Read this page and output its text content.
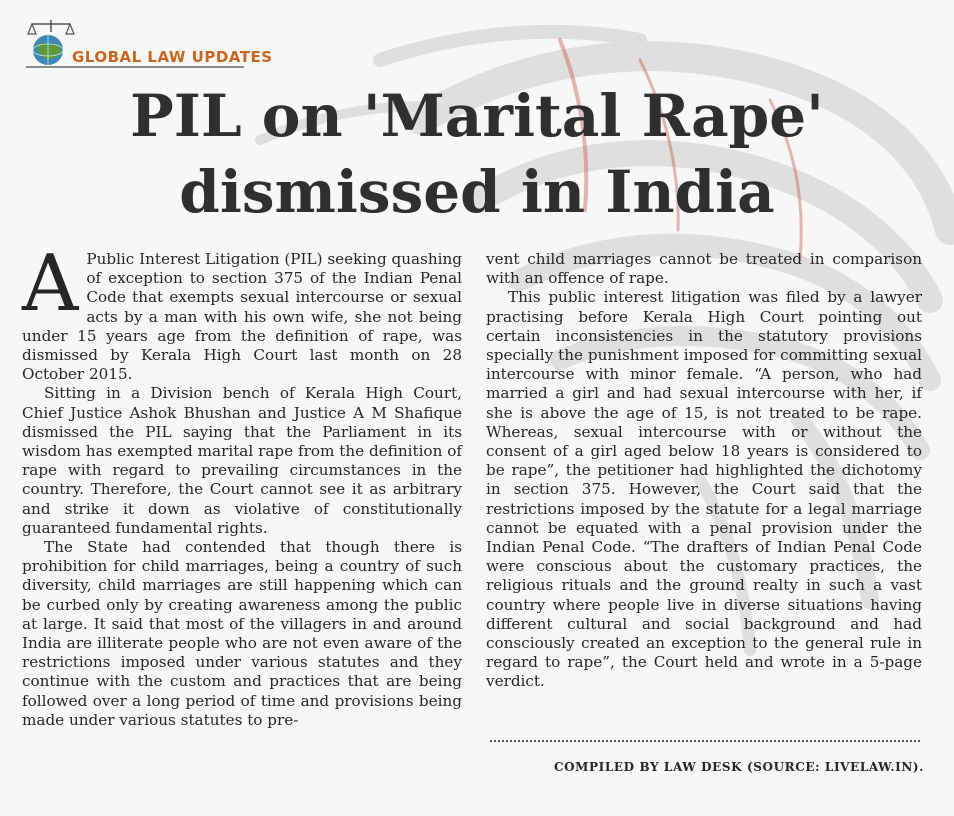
GLOBAL LAW UPDATES
PIL on 'Marital Rape'
dismissed in India

A Public Interest Litigation (PIL) seeking quashing of exception to section 375 of the Indian Penal Code that exempts sexual intercourse or sexual acts by a man with his own wife, she not being under 15 years age from the definition of rape, was dismissed by Kerala High Court last month on 28 October 2015.

Sitting in a Division bench of Kerala High Court, Chief Justice Ashok Bhushan and Justice A M Shafique dismissed the PIL saying that the Parliament in its wisdom has exempted marital rape from the definition of rape with regard to prevailing circumstances in the country. Therefore, the Court cannot see it as arbitrary and strike it down as violative of constitutionally guaranteed fundamental rights.

The State had contended that though there is prohibition for child marriages, being a country of such diversity, child marriages are still happening which can be curbed only by creating awareness among the public at large. It said that most of the villagers in and around India are illiterate people who are not even aware of the restrictions imposed under various statutes and they continue with the custom and practices that are being followed over a long period of time and provisions being made under various statutes to pre-

vent child marriages cannot be treated in comparison with an offence of rape.

This public interest litigation was filed by a lawyer practising before Kerala High Court pointing out certain inconsistencies in the statutory provisions specially the punishment imposed for committing sexual intercourse with minor female. “A person, who had married a girl and had sexual intercourse with her, if she is above the age of 15, is not treated to be rape. Whereas, sexual intercourse with or without the consent of a girl aged below 18 years is considered to be rape”, the petitioner had highlighted the dichotomy in section 375. However, the Court said that the restrictions imposed by the statute for a legal marriage cannot be equated with a penal provision under the Indian Penal Code. “The drafters of Indian Penal Code were conscious about the customary practices, the religious rituals and the ground realty in such a vast country where people live in diverse situations having different cultural and social background and had consciously created an exception to the general rule in regard to rape”, the Court held and wrote in a 5-page verdict.

COMPILED BY LAW DESK (SOURCE: LIVELAW.IN).
